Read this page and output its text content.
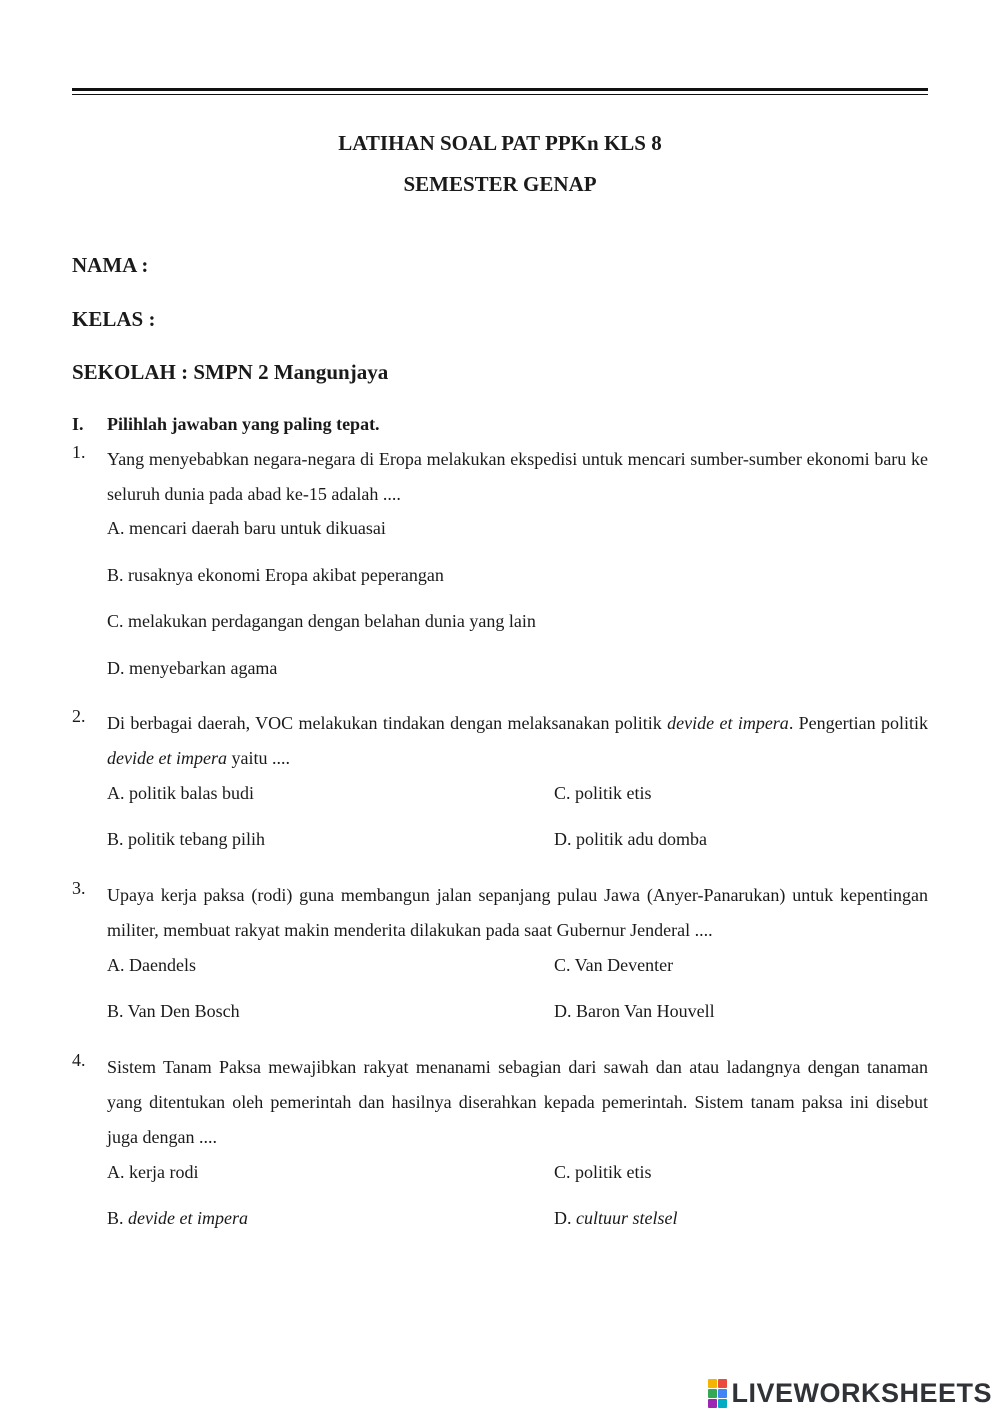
LATIHAN SOAL PAT PPKn KLS 8
SEMESTER GENAP
NAMA :
KELAS :
SEKOLAH : SMPN 2 Mangunjaya
I. Pilihlah jawaban yang paling tepat.
1. Yang menyebabkan negara-negara di Eropa melakukan ekspedisi untuk mencari sumber-sumber ekonomi baru ke seluruh dunia pada abad ke-15 adalah ....
A. mencari daerah baru untuk dikuasai
B. rusaknya ekonomi Eropa akibat peperangan
C. melakukan perdagangan dengan belahan dunia yang lain
D. menyebarkan agama
2. Di berbagai daerah, VOC melakukan tindakan dengan melaksanakan politik devide et impera. Pengertian politik devide et impera yaitu ....
A. politik balas budi
B. politik tebang pilih
C. politik etis
D. politik adu domba
3. Upaya kerja paksa (rodi) guna membangun jalan sepanjang pulau Jawa (Anyer-Panarukan) untuk kepentingan militer, membuat rakyat makin menderita dilakukan pada saat Gubernur Jenderal ....
A. Daendels
B. Van Den Bosch
C. Van Deventer
D. Baron Van Houvell
4. Sistem Tanam Paksa mewajibkan rakyat menanami sebagian dari sawah dan atau ladangnya dengan tanaman yang ditentukan oleh pemerintah dan hasilnya diserahkan kepada pemerintah. Sistem tanam paksa ini disebut juga dengan ....
A. kerja rodi
B. devide et impera
C. politik etis
D. cultuur stelsel
LIVEWORKSHEETS
